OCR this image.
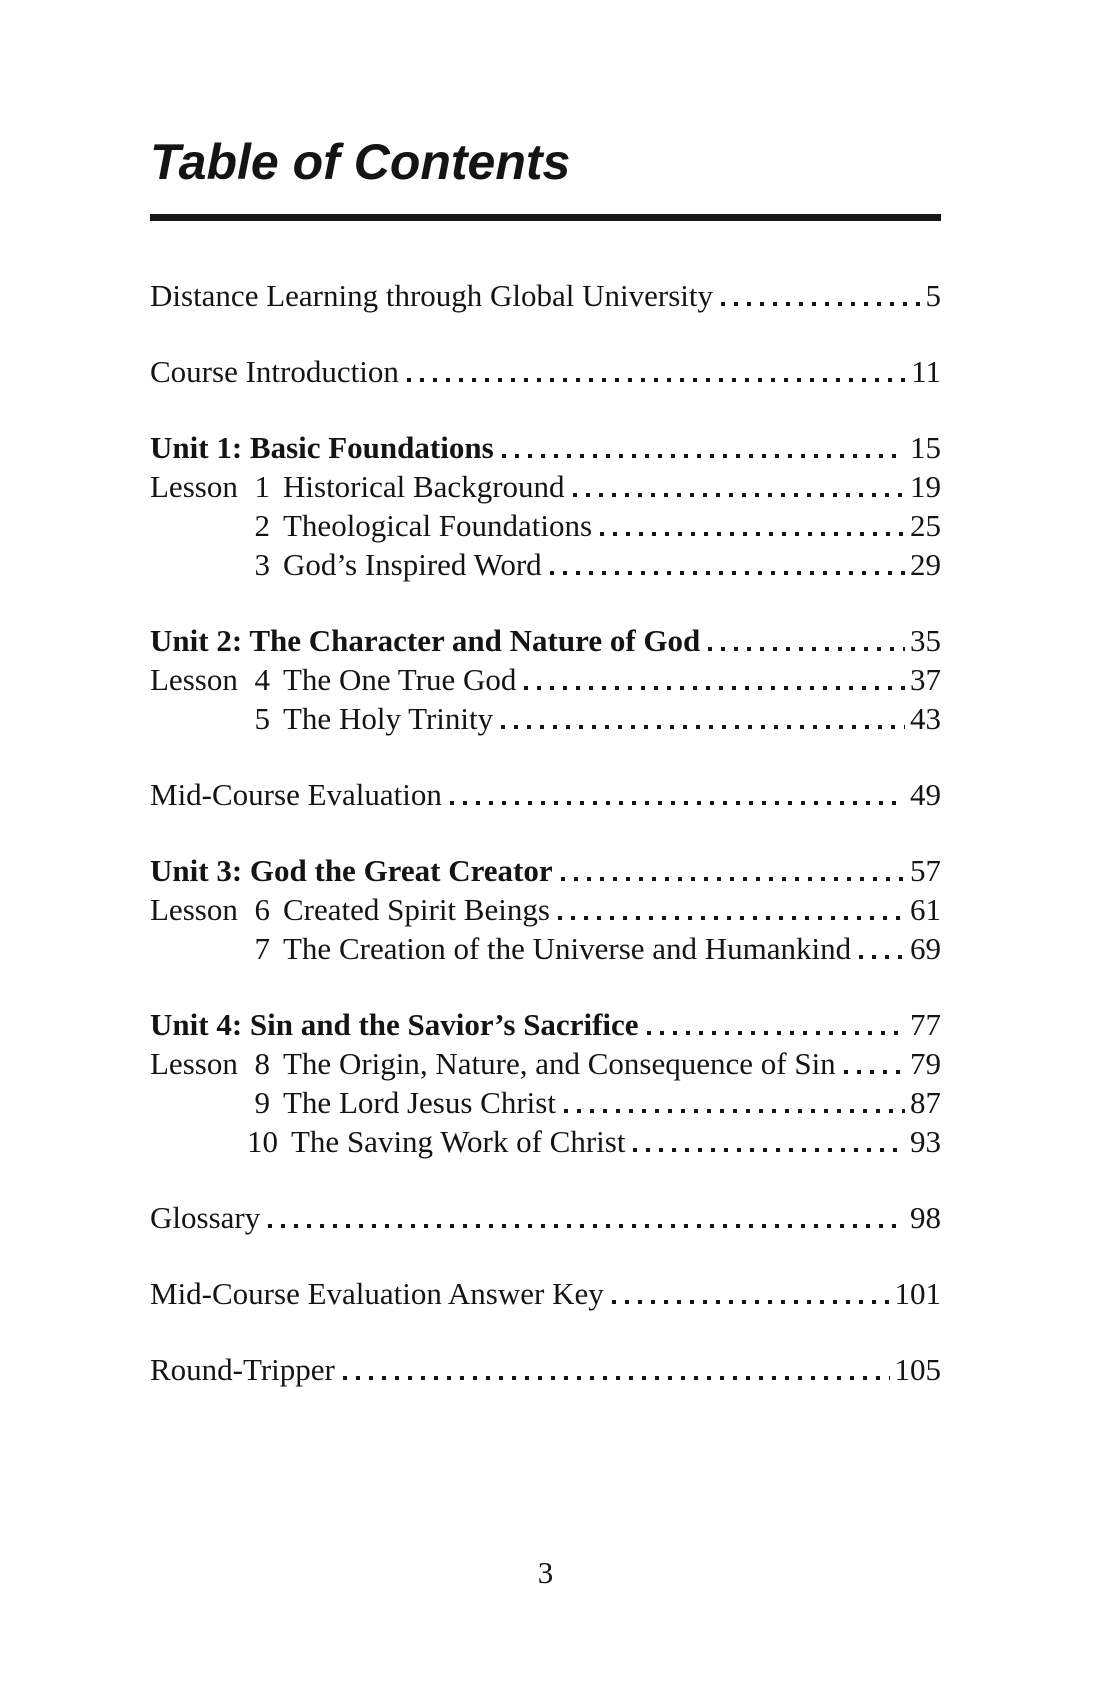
Table of Contents
Distance Learning through Global University	5
Course Introduction	11
Unit 1: Basic Foundations	15
Lesson 1 Historical Background	19
2 Theological Foundations	25
3 God’s Inspired Word	29
Unit 2: The Character and Nature of God	35
Lesson 4 The One True God	37
5 The Holy Trinity	43
Mid-Course Evaluation	49
Unit 3: God the Great Creator	57
Lesson 6 Created Spirit Beings	61
7 The Creation of the Universe and Humankind 69
Unit 4: Sin and the Savior’s Sacrifice	77
Lesson 8 The Origin, Nature, and Consequence of Sin 79
9 The Lord Jesus Christ	87
10 The Saving Work of Christ	93
Glossary	98
Mid-Course Evaluation Answer Key	101
Round-Tripper	105
3
